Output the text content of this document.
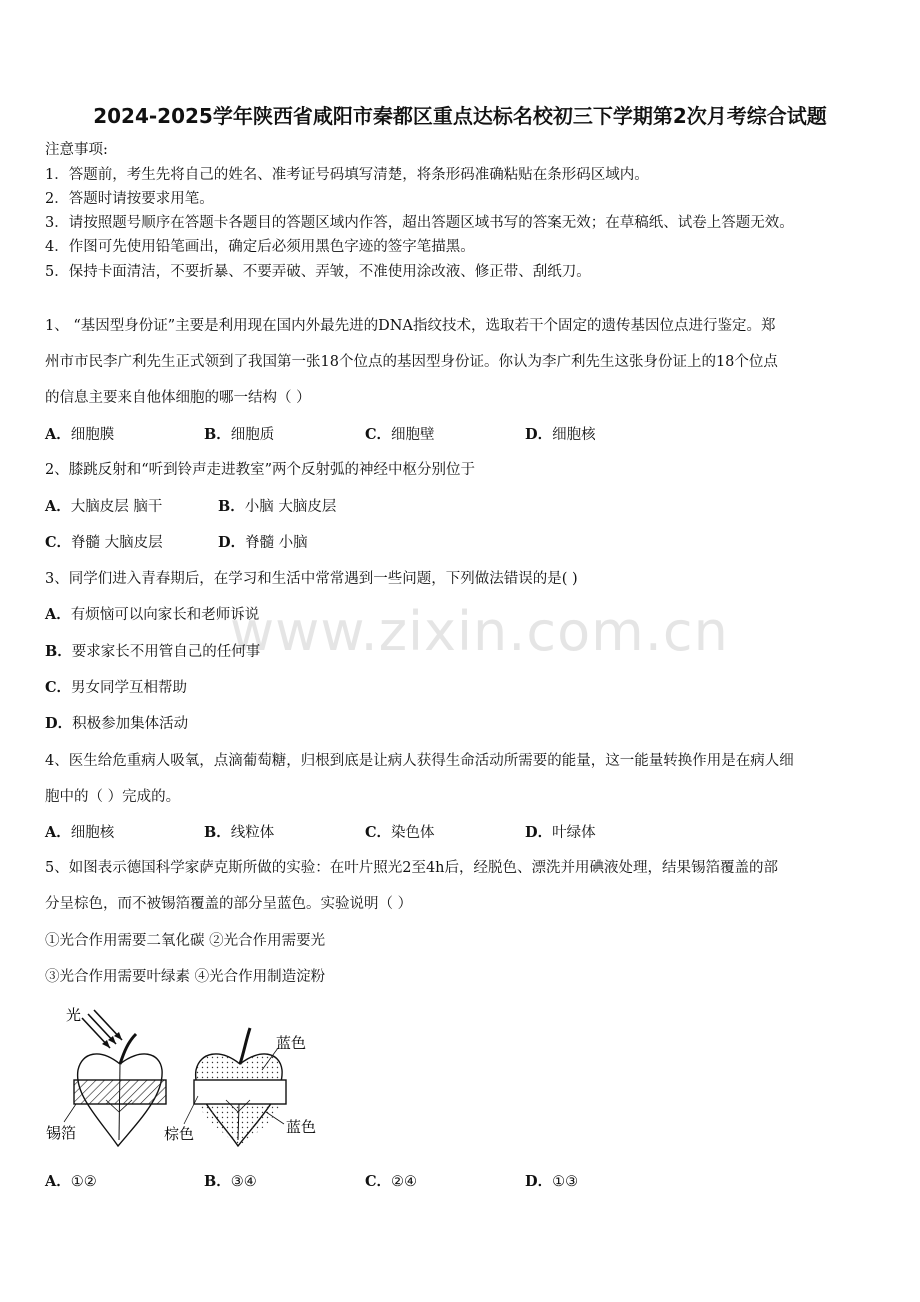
2024-2025学年陕西省咸阳市秦都区重点达标名校初三下学期第2次月考综合试题
注意事项:
1．答题前，考生先将自己的姓名、准考证号码填写清楚，将条形码准确粘贴在条形码区域内。
2．答题时请按要求用笔。
3．请按照题号顺序在答题卡各题目的答题区域内作答，超出答题区域书写的答案无效；在草稿纸、试卷上答题无效。
4．作图可先使用铅笔画出，确定后必须用黑色字迹的签字笔描黑。
5．保持卡面清洁，不要折暴、不要弄破、弄皱，不准使用涂改液、修正带、刮纸刀。
www.zixin.com.cn
1、 “基因型身份证”主要是利用现在国内外最先进的DNA指纹技术，选取若干个固定的遗传基因位点进行鉴定。郑
州市市民李广利先生正式领到了我国第一张18个位点的基因型身份证。你认为李广利先生这张身份证上的18个位点
的信息主要来自他体细胞的哪一结构（ ）
A．细胞膜	B．细胞质	C．细胞壁	D．细胞核
2、膝跳反射和“听到铃声走进教室”两个反射弧的神经中枢分别位于
A．大脑皮层 脑干	B．小脑 大脑皮层
C．脊髓 大脑皮层	D．脊髓 小脑
3、同学们进入青春期后，在学习和生活中常常遇到一些问题，下列做法错误的是( )
A．有烦恼可以向家长和老师诉说
B．要求家长不用管自己的任何事
C．男女同学互相帮助
D．积极参加集体活动
4、医生给危重病人吸氧，点滴葡萄糖，归根到底是让病人获得生命活动所需要的能量，这一能量转换作用是在病人细
胞中的（ ）完成的。
A．细胞核	B．线粒体	C．染色体	D．叶绿体
5、如图表示德国科学家萨克斯所做的实验：在叶片照光2至4h后，经脱色、漂洗并用碘液处理，结果锡箔覆盖的部
分呈棕色，而不被锡箔覆盖的部分呈蓝色。实验说明（ ）
①光合作用需要二氧化碳 ②光合作用需要光
③光合作用需要叶绿素 ④光合作用制造淀粉
光
锡箔	棕色
蓝色
蓝色
A．①②	B．③④	C．②④	D．①③
